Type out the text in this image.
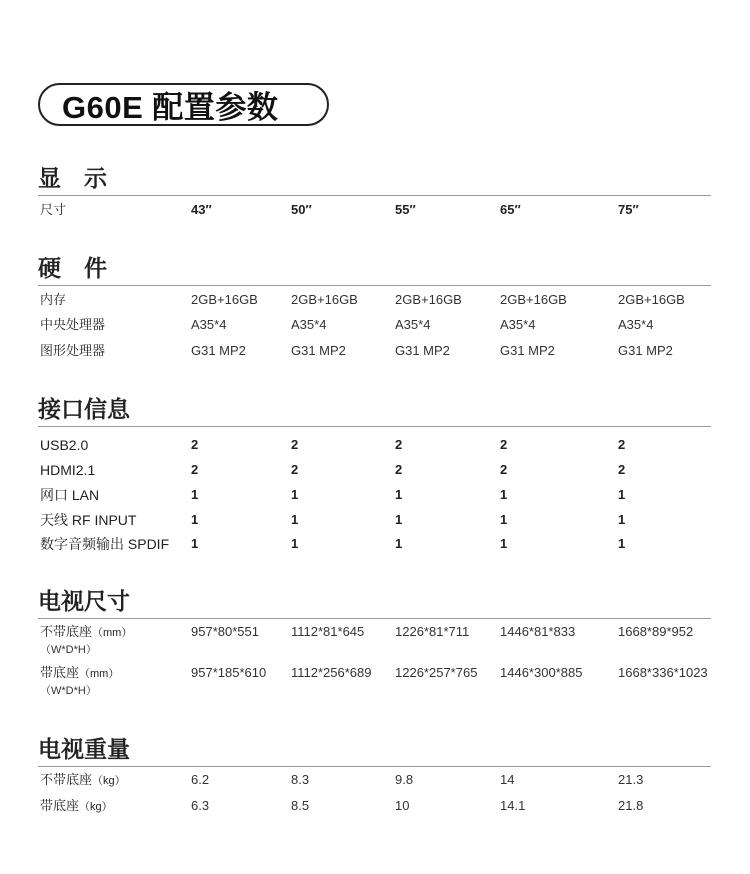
G60E 配置参数
显　示
尺寸	43″	50″	55″	65″	75″
硬　件
内存	2GB+16GB	2GB+16GB	2GB+16GB	2GB+16GB	2GB+16GB
中央处理器	A35*4	A35*4	A35*4	A35*4	A35*4
图形处理器	G31 MP2	G31 MP2	G31 MP2	G31 MP2	G31 MP2
接口信息
USB2.0	2	2	2	2	2
HDMI2.1	2	2	2	2	2
网口 LAN	1	1	1	1	1
天线 RF INPUT	1	1	1	1	1
数字音频输出 SPDIF 1	1	1	1	1
电视尺寸
不带底座（mm）	957*80*551 1112*81*645 1226*81*711 1446*81*833	1668*89*952
（W*D*H）
带底座（mm）	957*185*610 1112*256*689 1226*257*765 1446*300*885	1668*336*1023
（W*D*H）
电视重量
不带底座（kg）	6.2	8.3	9.8	14	21.3
带底座（kg）	6.3	8.5	10	14.1	21.8
